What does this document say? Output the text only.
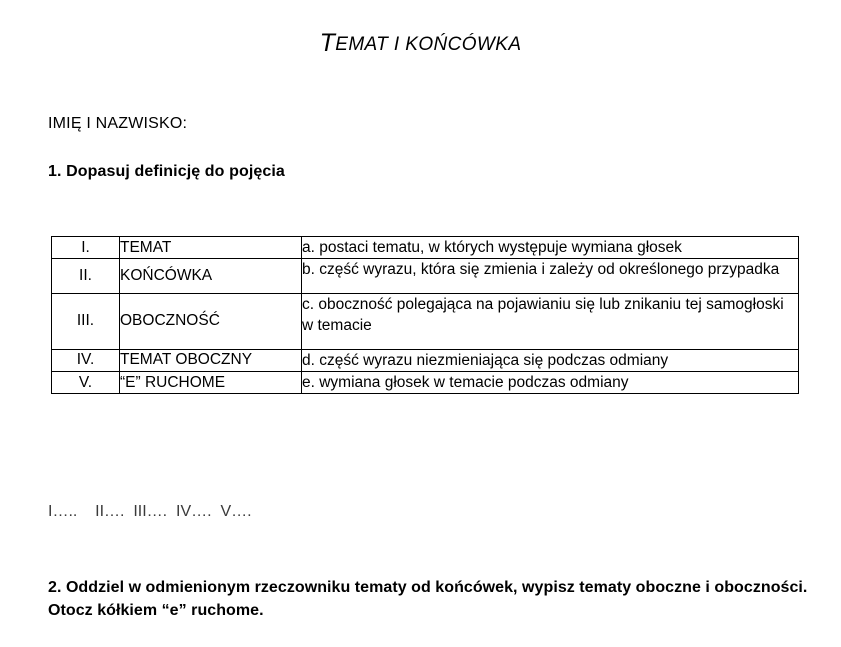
TEMAT I KOŃCÓWKA
IMIĘ I NAZWISKO:
1. Dopasuj definicję do pojęcia
I.	TEMAT	a. postaci tematu, w których występuje wymiana głosek
II.	KOŃCÓWKA	b. część wyrazu, która się zmienia i zależy od określonego przypadka
III.	OBOCZNOŚĆ	c. oboczność polegająca na pojawianiu się lub znikaniu tej samogłoski w temacie
IV.	TEMAT OBOCZNY	d. część wyrazu niezmieniająca się podczas odmiany
V.	“E” RUCHOME	e. wymiana głosek w temacie podczas odmiany
I…..    II….  III….  IV….  V….
2. Oddziel w odmienionym rzeczowniku tematy od końcówek, wypisz tematy oboczne i oboczności. Otocz kółkiem “e” ruchome.
